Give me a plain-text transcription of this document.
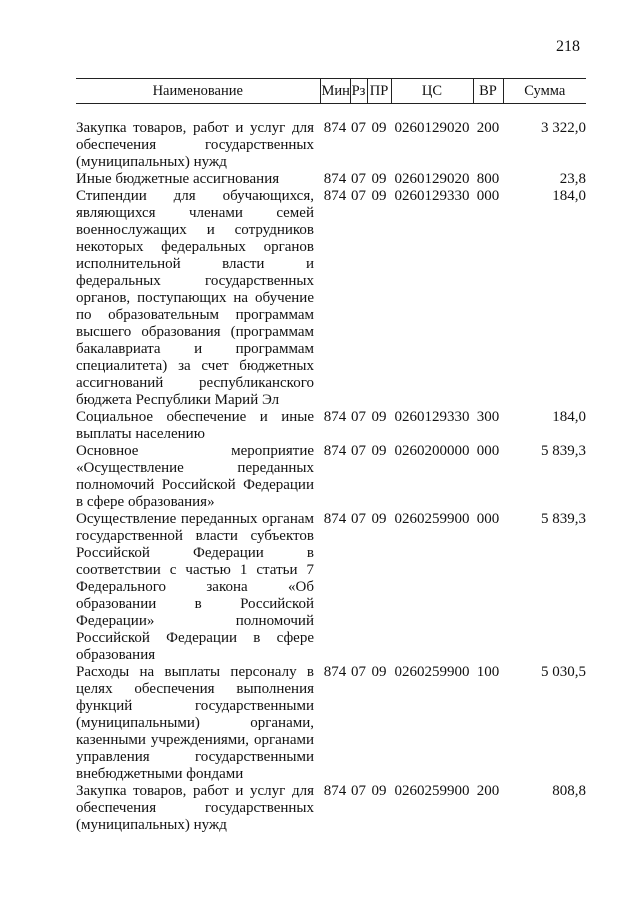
218
Наименование	Мин	Рз	ПР	ЦС	ВР	Сумма

Закупка товаров, работ и услуг для обеспечения государственных (муниципальных) нужд	874	07	09	0260129020	200	3 322,0
Иные бюджетные ассигнования	874	07	09	0260129020	800	23,8
Стипендии для обучающихся, являющихся членами семей военнослужащих и сотрудников некоторых федеральных органов исполнительной власти и федеральных государственных органов, поступающих на обучение по образовательным программам высшего образования (программам бакалавриата и программам специалитета) за счет бюджетных ассигнований республиканского бюджета Республики Марий Эл	874	07	09	0260129330	000	184,0
Социальное обеспечение и иные выплаты населению	874	07	09	0260129330	300	184,0
Основное мероприятие «Осуществление переданных полномочий Российской Федерации в сфере образования»	874	07	09	0260200000	000	5 839,3
Осуществление переданных органам государственной власти субъектов Российской Федерации в соответствии с частью 1 статьи 7 Федерального закона «Об образовании в Российской Федерации» полномочий Российской Федерации в сфере образования	874	07	09	0260259900	000	5 839,3
Расходы на выплаты персоналу в целях обеспечения выполнения функций государственными (муниципальными) органами, казенными учреждениями, органами управления государственными внебюджетными фондами	874	07	09	0260259900	100	5 030,5
Закупка товаров, работ и услуг для обеспечения государственных (муниципальных) нужд	874	07	09	0260259900	200	808,8
